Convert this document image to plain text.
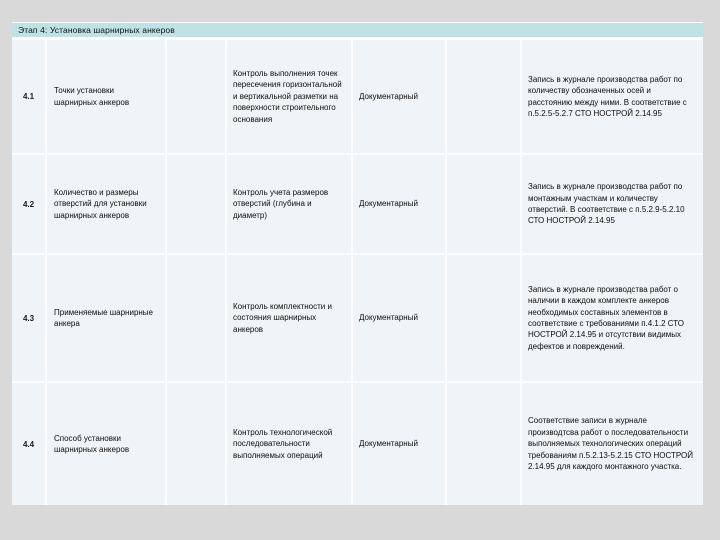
Этап 4: Установка шарнирных анкеров

4.1	Точки установки шарнирных анкеров		Контроль выполнения точек пересечения горизонтальной и вертикальной разметки на поверхности строительного основания	Документарный		Запись в журнале производства работ по количеству обозначенных осей и расстоянию между ними. В соответствие с п.5.2.5-5.2.7 СТО НОСТРОЙ 2.14.95

4.2	Количество и размеры отверстий для установки шарнирных анкеров		Контроль учета размеров отверстий (глубина и диаметр)	Документарный		Запись в журнале производства работ по монтажным участкам и количеству отверстий. В соответствие с п.5.2.9-5.2.10 СТО НОСТРОЙ 2.14.95

4.3	Применяемые шарнирные анкера		Контроль комплектности и состояния шарнирных анкеров	Документарный		Запись в журнале производства работ о наличии в каждом комплекте анкеров необходимых составных элементов в соответствие с требованиями п.4.1.2 СТО НОСТРОЙ 2.14.95 и отсутствии видимых дефектов и повреждений.

4.4	Способ установки шарнирных анкеров		Контроль технологической последовательности выполняемых операций	Документарный		Соответствие записи в журнале производтсва работ о последовательности выполняемых технологических операций требованиям п.5.2.13-5.2.15 СТО НОСТРОЙ 2.14.95 для каждого монтажного участка.
